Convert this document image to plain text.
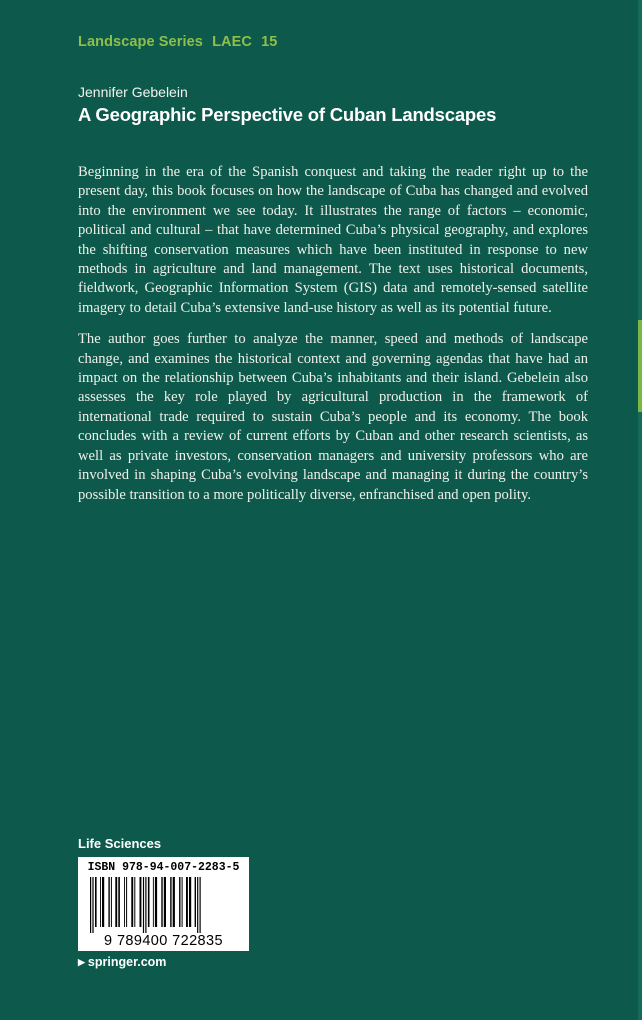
Landscape Series LAEC 15
Jennifer Gebelein
A Geographic Perspective of Cuban Landscapes

Beginning in the era of the Spanish conquest and taking the reader right up to the present day, this book focuses on how the landscape of Cuba has changed and evolved into the environment we see today. It illustrates the range of factors – economic, political and cultural – that have determined Cuba’s physical geography, and explores the shifting conservation measures which have been instituted in response to new methods in agriculture and land management. The text uses historical documents, fieldwork, Geographic Information System (GIS) data and remotely-sensed satellite imagery to detail Cuba’s extensive land-use history as well as its potential future.

The author goes further to analyze the manner, speed and methods of landscape change, and examines the historical context and governing agendas that have had an impact on the relationship between Cuba’s inhabitants and their island. Gebelein also assesses the key role played by agricultural production in the framework of international trade required to sustain Cuba’s people and its economy. The book concludes with a review of current efforts by Cuban and other research scientists, as well as private investors, conservation managers and university professors who are involved in shaping Cuba’s evolving landscape and managing it during the country’s possible transition to a more politically diverse, enfranchised and open polity.

Life Sciences
ISBN 978-94-007-2283-5
9 789400 722835
▶ springer.com
